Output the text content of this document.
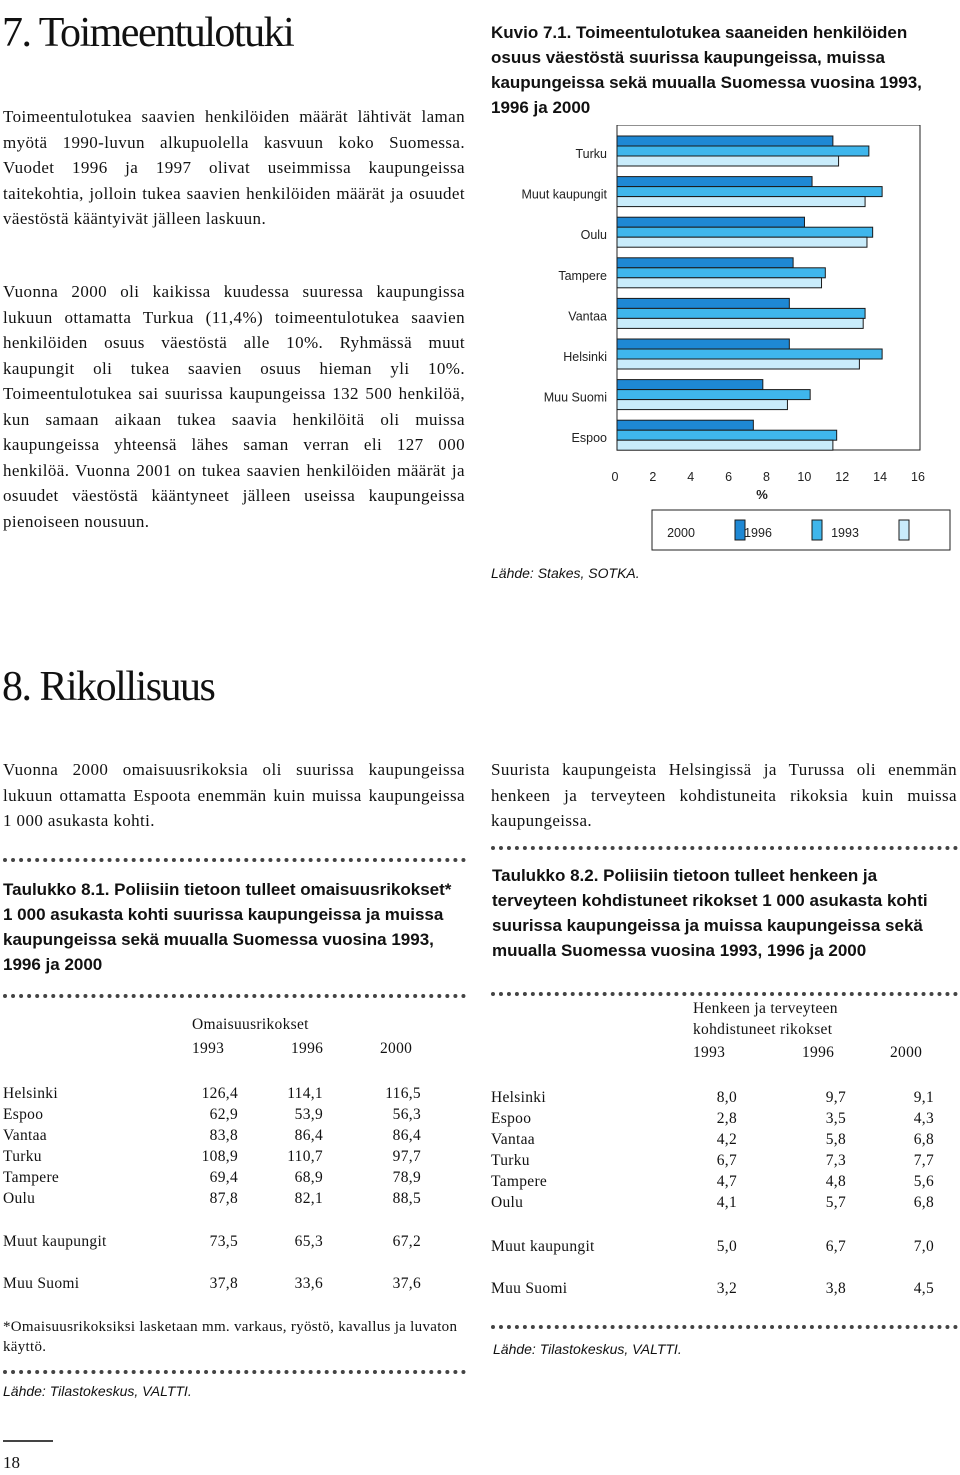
7. Toimeentulotuki

Toimeentulotukea saavien henkilöiden määrät lähtivät laman myötä 1990-luvun alkupuolella kasvuun koko Suomessa. Vuodet 1996 ja 1997 olivat useimmissa kaupungeissa taitekohtia, jolloin tukea saavien henkilöiden määrät ja osuudet väestöstä kääntyivät jälleen laskuun.

Vuonna 2000 oli kaikissa kuudessa suuressa kaupungissa lukuun ottamatta Turkua (11,4%) toimeentulotukea saavien henkilöiden osuus väestöstä alle 10%. Ryhmässä muut kaupungit oli tukea saavien osuus hieman yli 10%. Toimeentulotukea sai suurissa kaupungeissa 132 500 henkilöä, kun samaan aikaan tukea saavia henkilöitä oli muissa kaupungeissa yhteensä lähes saman verran eli 127 000 henkilöä. Vuonna 2001 on tukea saavien henkilöiden määrät ja osuudet väestöstä kääntyneet jälleen useissa kaupungeissa pienoiseen nousuun.

Kuvio 7.1. Toimeentulotukea saaneiden henkilöiden osuus väestöstä suurissa kaupungeissa, muissa kaupungeissa sekä muualla Suomessa vuosina 1993, 1996 ja 2000

Turku
Muut kaupungit
Oulu
Tampere
Vantaa
Helsinki
Muu Suomi
Espoo
0 2 4 6 8 10 12 14 16
%
2000	1996	1993
Lähde: Stakes, SOTKA.
8. Rikollisuus

Vuonna 2000 omaisuusrikoksia oli suurissa kaupungeissa lukuun ottamatta Espoota enemmän kuin muissa kaupungeissa 1 000 asukasta kohti.

Suurista kaupungeista Helsingissä ja Turussa oli enemmän henkeen ja terveyteen kohdistuneita rikoksia kuin muissa kaupungeissa.

Taulukko 8.1. Poliisiin tietoon tulleet omaisuusrikokset* 1 000 asukasta kohti suurissa kaupungeissa ja muissa kaupungeissa sekä muualla Suomessa vuosina 1993, 1996 ja 2000

Omaisuusrikokset
1993	1996	2000
Helsinki	126,4	114,1	116,5
Espoo	62,9	53,9	56,3
Vantaa	83,8	86,4	86,4
Turku	108,9	110,7	97,7
Tampere	69,4	68,9	78,9
Oulu	87,8	82,1	88,5
Muut kaupungit	73,5	65,3	67,2
Muu Suomi	37,8	33,6	37,6

*Omaisuusrikoksiksi lasketaan mm. varkaus, ryöstö, kavallus ja luvaton käyttö.

Lähde: Tilastokeskus, VALTTI.

Taulukko 8.2. Poliisiin tietoon tulleet henkeen ja terveyteen kohdistuneet rikokset 1 000 asukasta kohti suurissa kaupungeissa ja muissa kaupungeissa sekä muualla Suomessa vuosina 1993, 1996 ja 2000

Henkeen ja terveyteen
kohdistuneet rikokset
1993	1996	2000
Helsinki	8,0	9,7	9,1
Espoo	2,8	3,5	4,3
Vantaa	4,2	5,8	6,8
Turku	6,7	7,3	7,7
Tampere	4,7	4,8	5,6
Oulu	4,1	5,7	6,8
Muut kaupungit	5,0	6,7	7,0
Muu Suomi	3,2	3,8	4,5
Lähde: Tilastokeskus, VALTTI.
18
